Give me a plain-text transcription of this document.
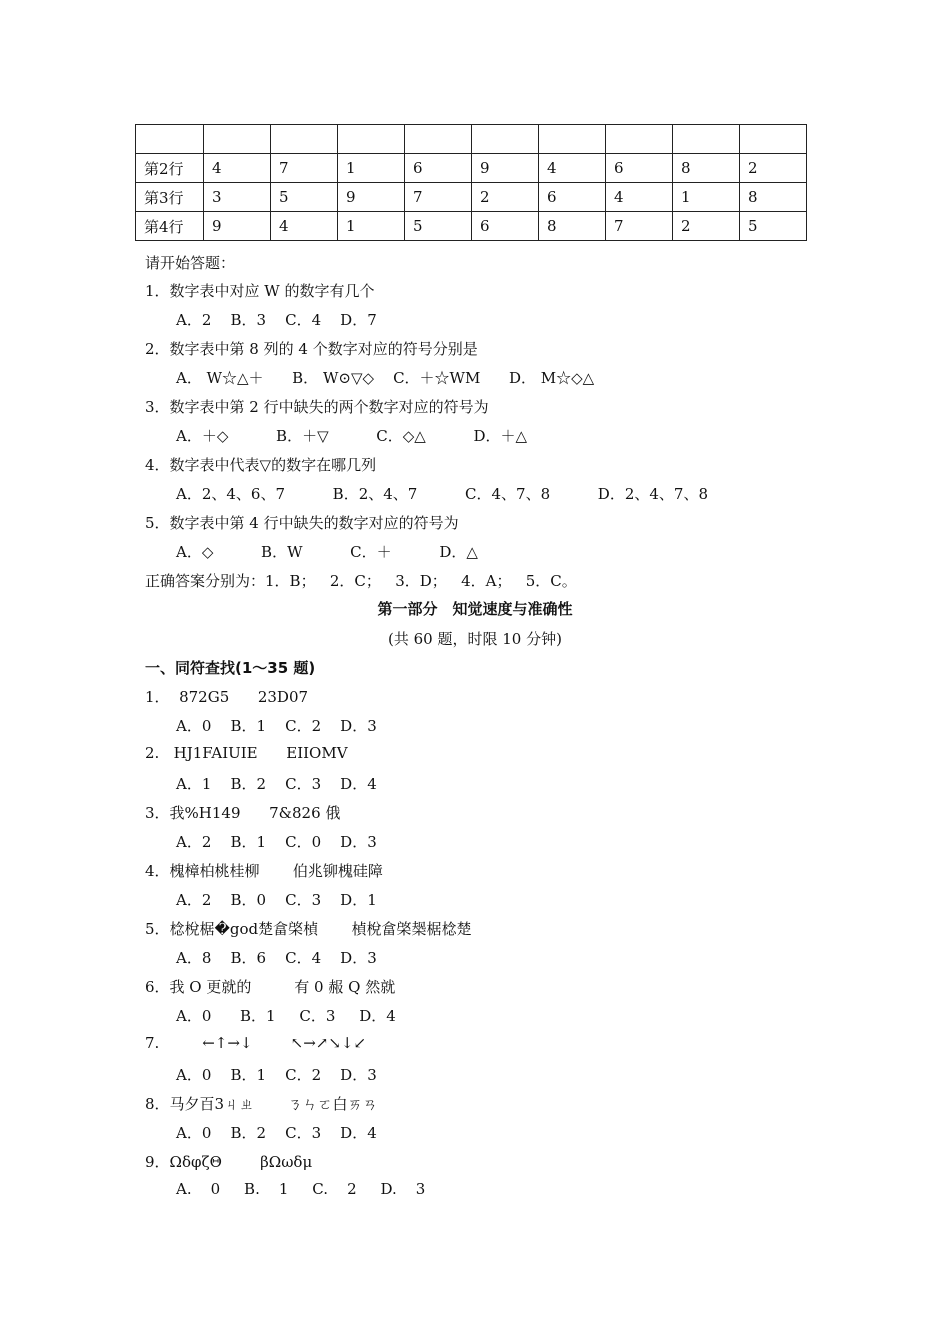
第2行	4	7	1	6	9	4	6	8	2
第3行	3	5	9	7	2	6	4	1	8
第4行	9	4	1	5	6	8	7	2	5
请开始答题：
1．数字表中对应 W 的数字有几个
A．2    B．3    C．4    D．7
2．数字表中第 8 列的 4 个数字对应的符号分别是
A． W☆△＋      B． W⊙▽◇    C．＋☆WM      D． M☆◇△
3．数字表中第 2 行中缺失的两个数字对应的符号为
A．＋◇          B．＋▽          C．◇△          D．＋△
4．数字表中代表▽的数字在哪几列
A．2、4、6、7          B．2、4、7          C．4、7、8          D．2、4、7、8
5．数字表中第 4 行中缺失的数字对应的符号为
A．◇          B．W          C．＋          D．△
正确答案分别为：1．B；   2．C；   3．D；   4．A；   5．C。
第一部分　知觉速度与准确性
(共 60 题，时限 10 分钟)
一、同符查找(1～35 题)
1．  872G5      23D07
A．0    B．1    C．2    D．3
2.   HJ1FAIUIE      EIIOMV
A．1    B．2    C．3    D．4
3．我%H149      7&826 俄
A．2    B．1    C．0    D．3
4．槐樟柏桃桂柳       伯兆铆槐硅障
A．2    B．0    C．3    D．1
5．棯梲椐�god楚畣棨楨       楨梲畣棨椝椐棯楚
A．8    B．6    C．4    D．3
6．我 O 更就的         有 0 赧 Q 然就
A．0      B．1     C．3     D．4
7.         ←↑→↓        ↖→↗↘↓↙
A．0    B．1    C．2    D．3
8．马夕百3ㄐㄓ       ㄋㄣㄛ白ㄞㄢ
A．0    B．2    C．3    D．4
9．ΩδφζΘ        βΩωδμ
A.    0     B.    1     C.    2     D.    3
